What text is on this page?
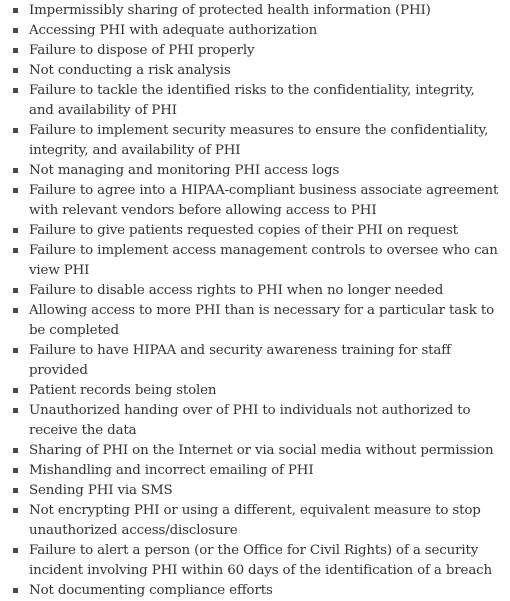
Impermissibly sharing of protected health information (PHI)
Accessing PHI with adequate authorization
Failure to dispose of PHI properly
Not conducting a risk analysis
Failure to tackle the identified risks to the confidentiality, integrity, and availability of PHI
Failure to implement security measures to ensure the confidentiality, integrity, and availability of PHI
Not managing and monitoring PHI access logs
Failure to agree into a HIPAA-compliant business associate agreement with relevant vendors before allowing access to PHI
Failure to give patients requested copies of their PHI on request
Failure to implement access management controls to oversee who can view PHI
Failure to disable access rights to PHI when no longer needed
Allowing access to more PHI than is necessary for a particular task to be completed
Failure to have HIPAA and security awareness training for staff provided
Patient records being stolen
Unauthorized handing over of PHI to individuals not authorized to receive the data
Sharing of PHI on the Internet or via social media without permission
Mishandling and incorrect emailing of PHI
Sending PHI via SMS
Not encrypting PHI or using a different, equivalent measure to stop unauthorized access/disclosure
Failure to alert a person (or the Office for Civil Rights) of a security incident involving PHI within 60 days of the identification of a breach
Not documenting compliance efforts
